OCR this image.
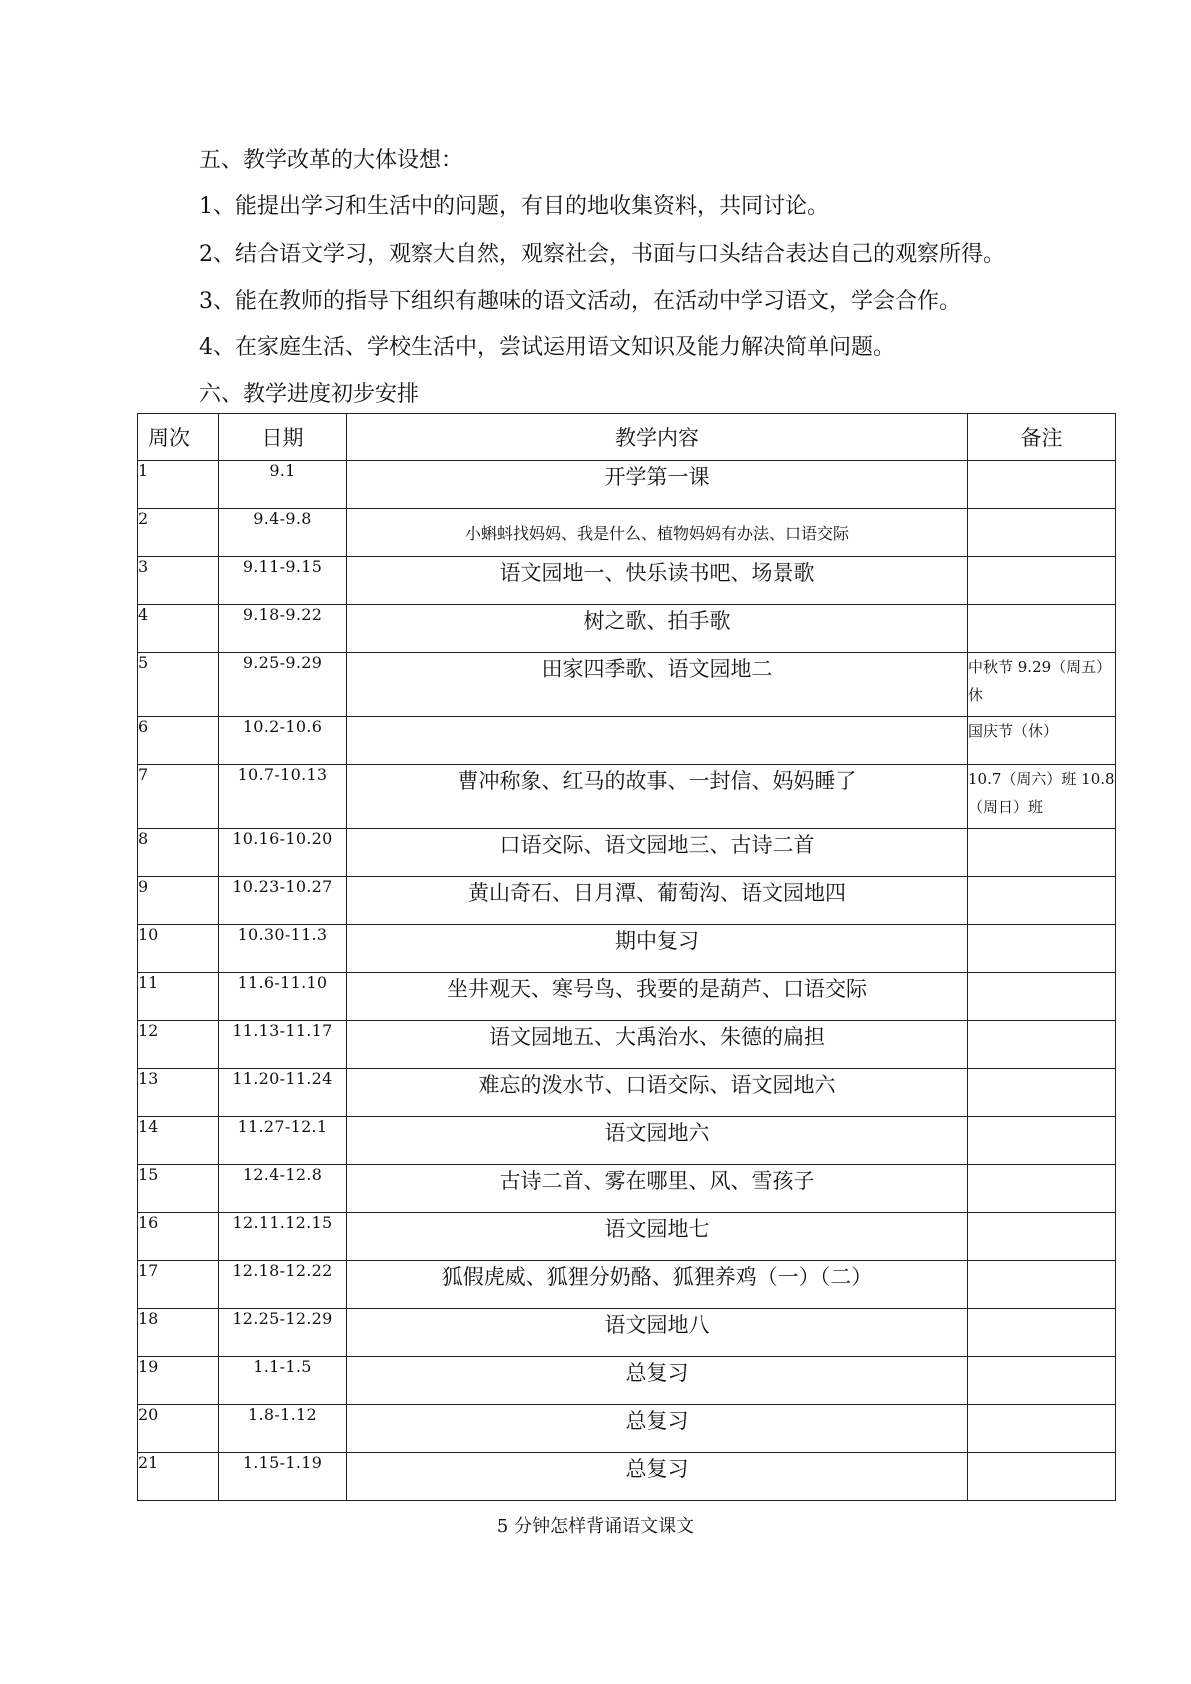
五、教学改革的大体设想：

1、能提出学习和生活中的问题，有目的地收集资料，共同讨论。

2、结合语文学习，观察大自然，观察社会，书面与口头结合表达自己的观察所得。

3、能在教师的指导下组织有趣味的语文活动，在活动中学习语文，学会合作。

4、在家庭生活、学校生活中，尝试运用语文知识及能力解决简单问题。

六、教学进度初步安排

周次	日期	教学内容	备注
1	9.1	开学第一课	
2	9.4-9.8	小蝌蚪找妈妈、我是什么、植物妈妈有办法、口语交际	
3	9.11-9.15	语文园地一、快乐读书吧、场景歌	
4	9.18-9.22	树之歌、拍手歌	
5	9.25-9.29	田家四季歌、语文园地二	中秋节 9.29（周五）休
6	10.2-10.6		国庆节（休）
7	10.7-10.13	曹冲称象、红马的故事、一封信、妈妈睡了	10.7（周六）班 10.8（周日）班
8	10.16-10.20	口语交际、语文园地三、古诗二首	
9	10.23-10.27	黄山奇石、日月潭、葡萄沟、语文园地四	
10	10.30-11.3	期中复习	
11	11.6-11.10	坐井观天、寒号鸟、我要的是葫芦、口语交际	
12	11.13-11.17	语文园地五、大禹治水、朱德的扁担	
13	11.20-11.24	难忘的泼水节、口语交际、语文园地六	
14	11.27-12.1	语文园地六	
15	12.4-12.8	古诗二首、雾在哪里、风、雪孩子	
16	12.11.12.15	语文园地七	
17	12.18-12.22	狐假虎威、狐狸分奶酪、狐狸养鸡（一）（二）	
18	12.25-12.29	语文园地八	
19	1.1-1.5	总复习	
20	1.8-1.12	总复习	
21	1.15-1.19	总复习	

5 分钟怎样背诵语文课文
